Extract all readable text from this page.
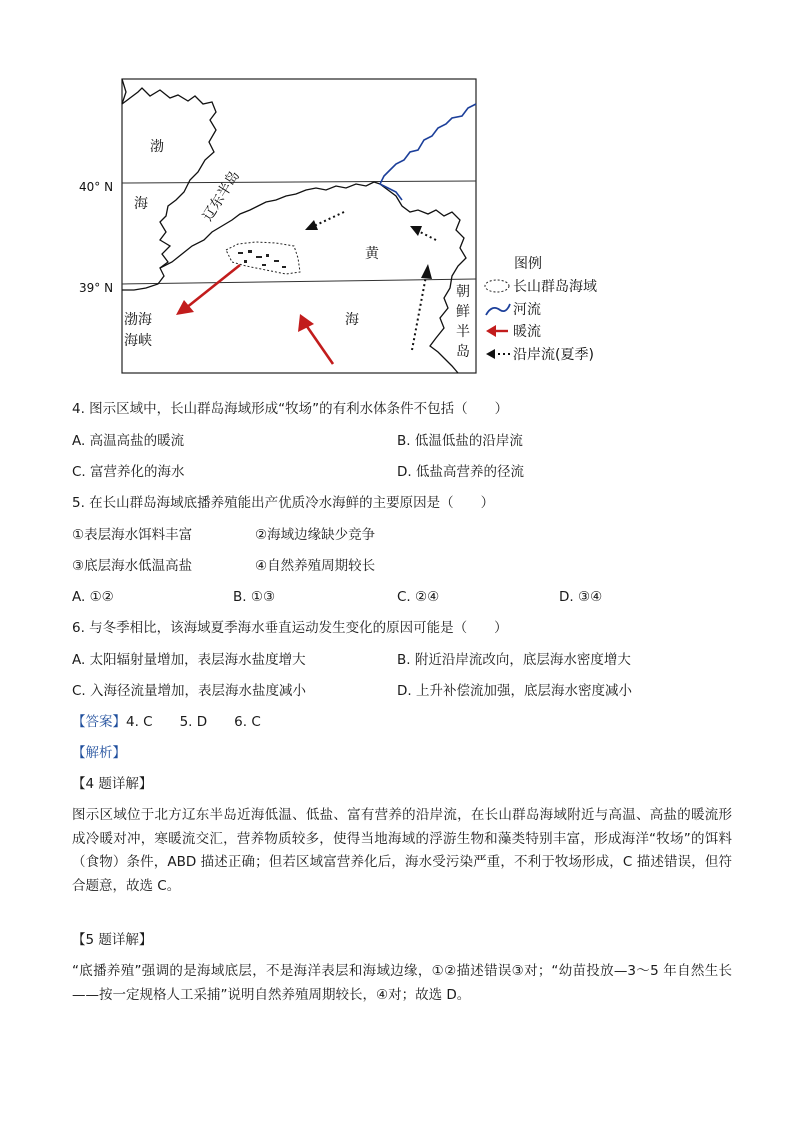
渤
海	辽东半岛
40° N
39° N
黄
海
渤海
海峡
朝
鲜
半
岛
图例
长山群岛海域
河流
暖流
沿岸流(夏季)
4. 图示区域中，长山群岛海域形成“牧场”的有利水体条件不包括（　　）
A. 高温高盐的暖流	B. 低温低盐的沿岸流
C. 富营养化的海水	D. 低盐高营养的径流
5. 在长山群岛海域底播养殖能出产优质冷水海鲜的主要原因是（　　）
①表层海水饵料丰富	②海域边缘缺少竞争
③底层海水低温高盐	④自然养殖周期较长
A. ①②	B. ①③	C. ②④	D. ③④
6. 与冬季相比，该海域夏季海水垂直运动发生变化的原因可能是（　　）
A. 太阳辐射量增加，表层海水盐度增大	B. 附近沿岸流改向，底层海水密度增大
C. 入海径流量增加，表层海水盐度减小	D. 上升补偿流加强，底层海水密度减小
【答案】4. C　　5. D　　6. C
【解析】
【4 题详解】
图示区域位于北方辽东半岛近海低温、低盐、富有营养的沿岸流，在长山群岛海域附近与高温、高盐的暖流形成冷暖对冲，寒暖流交汇，营养物质较多，使得当地海域的浮游生物和藻类特别丰富，形成海洋“牧场”的饵料（食物）条件，ABD 描述正确；但若区域富营养化后，海水受污染严重，不利于牧场形成，C 描述错误，但符合题意，故选 C。
【5 题详解】
“底播养殖”强调的是海域底层，不是海洋表层和海域边缘，①②描述错误③对；“幼苗投放—3～5 年自然生长——按一定规格人工采捕”说明自然养殖周期较长，④对；故选 D。
